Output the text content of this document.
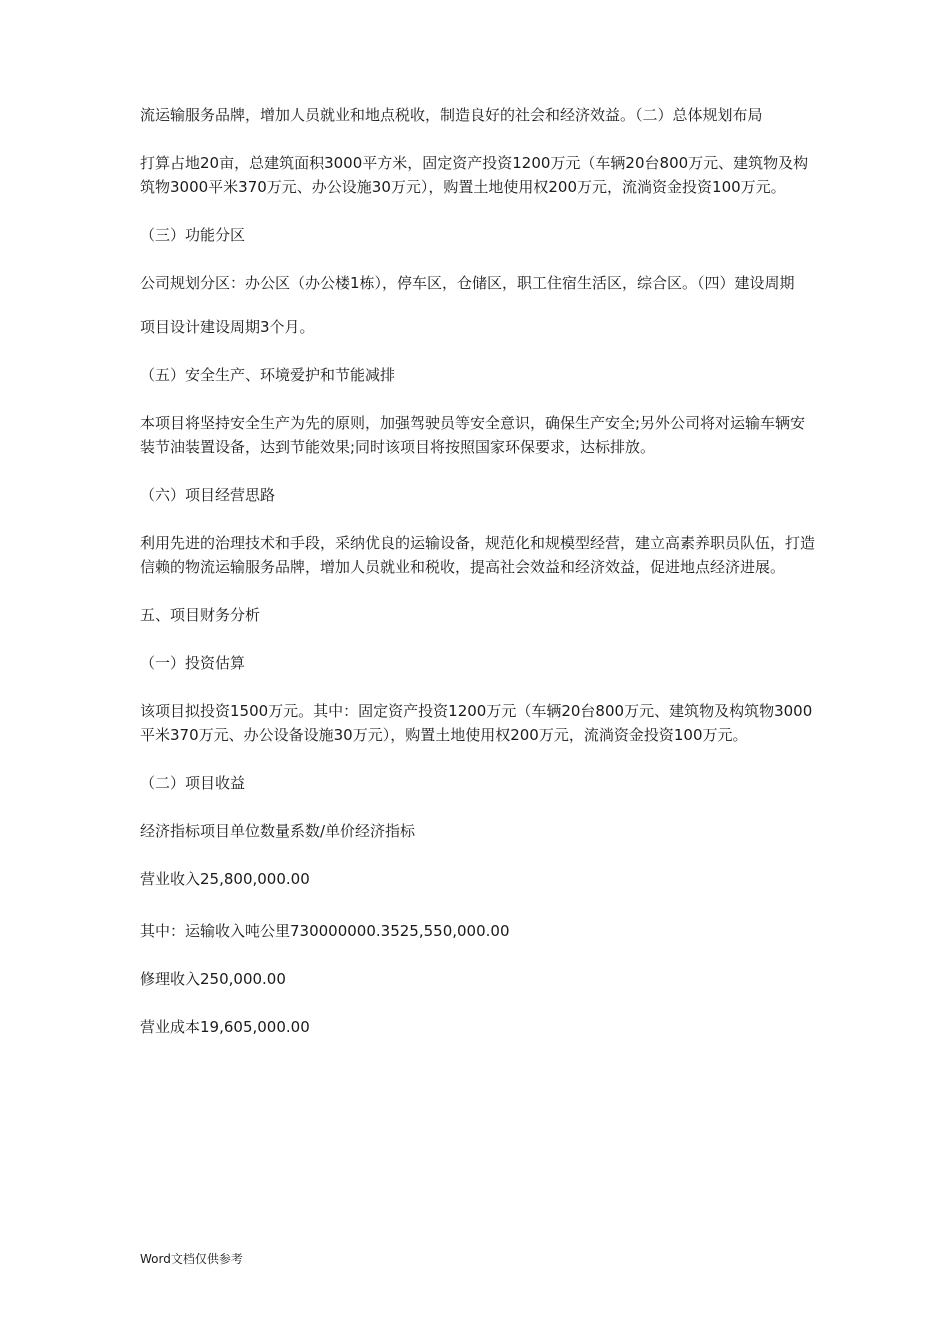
流运输服务品牌，增加人员就业和地点税收，制造良好的社会和经济效益。（二）总体规划布局

打算占地20亩，总建筑面积3000平方米，固定资产投资1200万元（车辆20台800万元、建筑物及构筑物3000平米370万元、办公设施30万元），购置土地使用权200万元，流淌资金投资100万元。

（三）功能分区

公司规划分区：办公区（办公楼1栋），停车区，仓储区，职工住宿生活区，综合区。（四）建设周期

项目设计建设周期3个月。

（五）安全生产、环境爱护和节能减排

本项目将坚持安全生产为先的原则，加强驾驶员等安全意识，确保生产安全;另外公司将对运输车辆安装节油装置设备，达到节能效果;同时该项目将按照国家环保要求，达标排放。

（六）项目经营思路

利用先进的治理技术和手段，采纳优良的运输设备，规范化和规模型经营，建立高素养职员队伍，打造信赖的物流运输服务品牌，增加人员就业和税收，提高社会效益和经济效益，促进地点经济进展。

五、项目财务分析

（一）投资估算

该项目拟投资1500万元。其中：固定资产投资1200万元（车辆20台800万元、建筑物及构筑物3000平米370万元、办公设备设施30万元），购置土地使用权200万元，流淌资金投资100万元。

（二）项目收益

经济指标项目单位数量系数/单价经济指标

营业收入25,800,000.00

其中：运输收入吨公里730000000.3525,550,000.00

修理收入250,000.00

营业成本19,605,000.00

Word文档仅供参考
